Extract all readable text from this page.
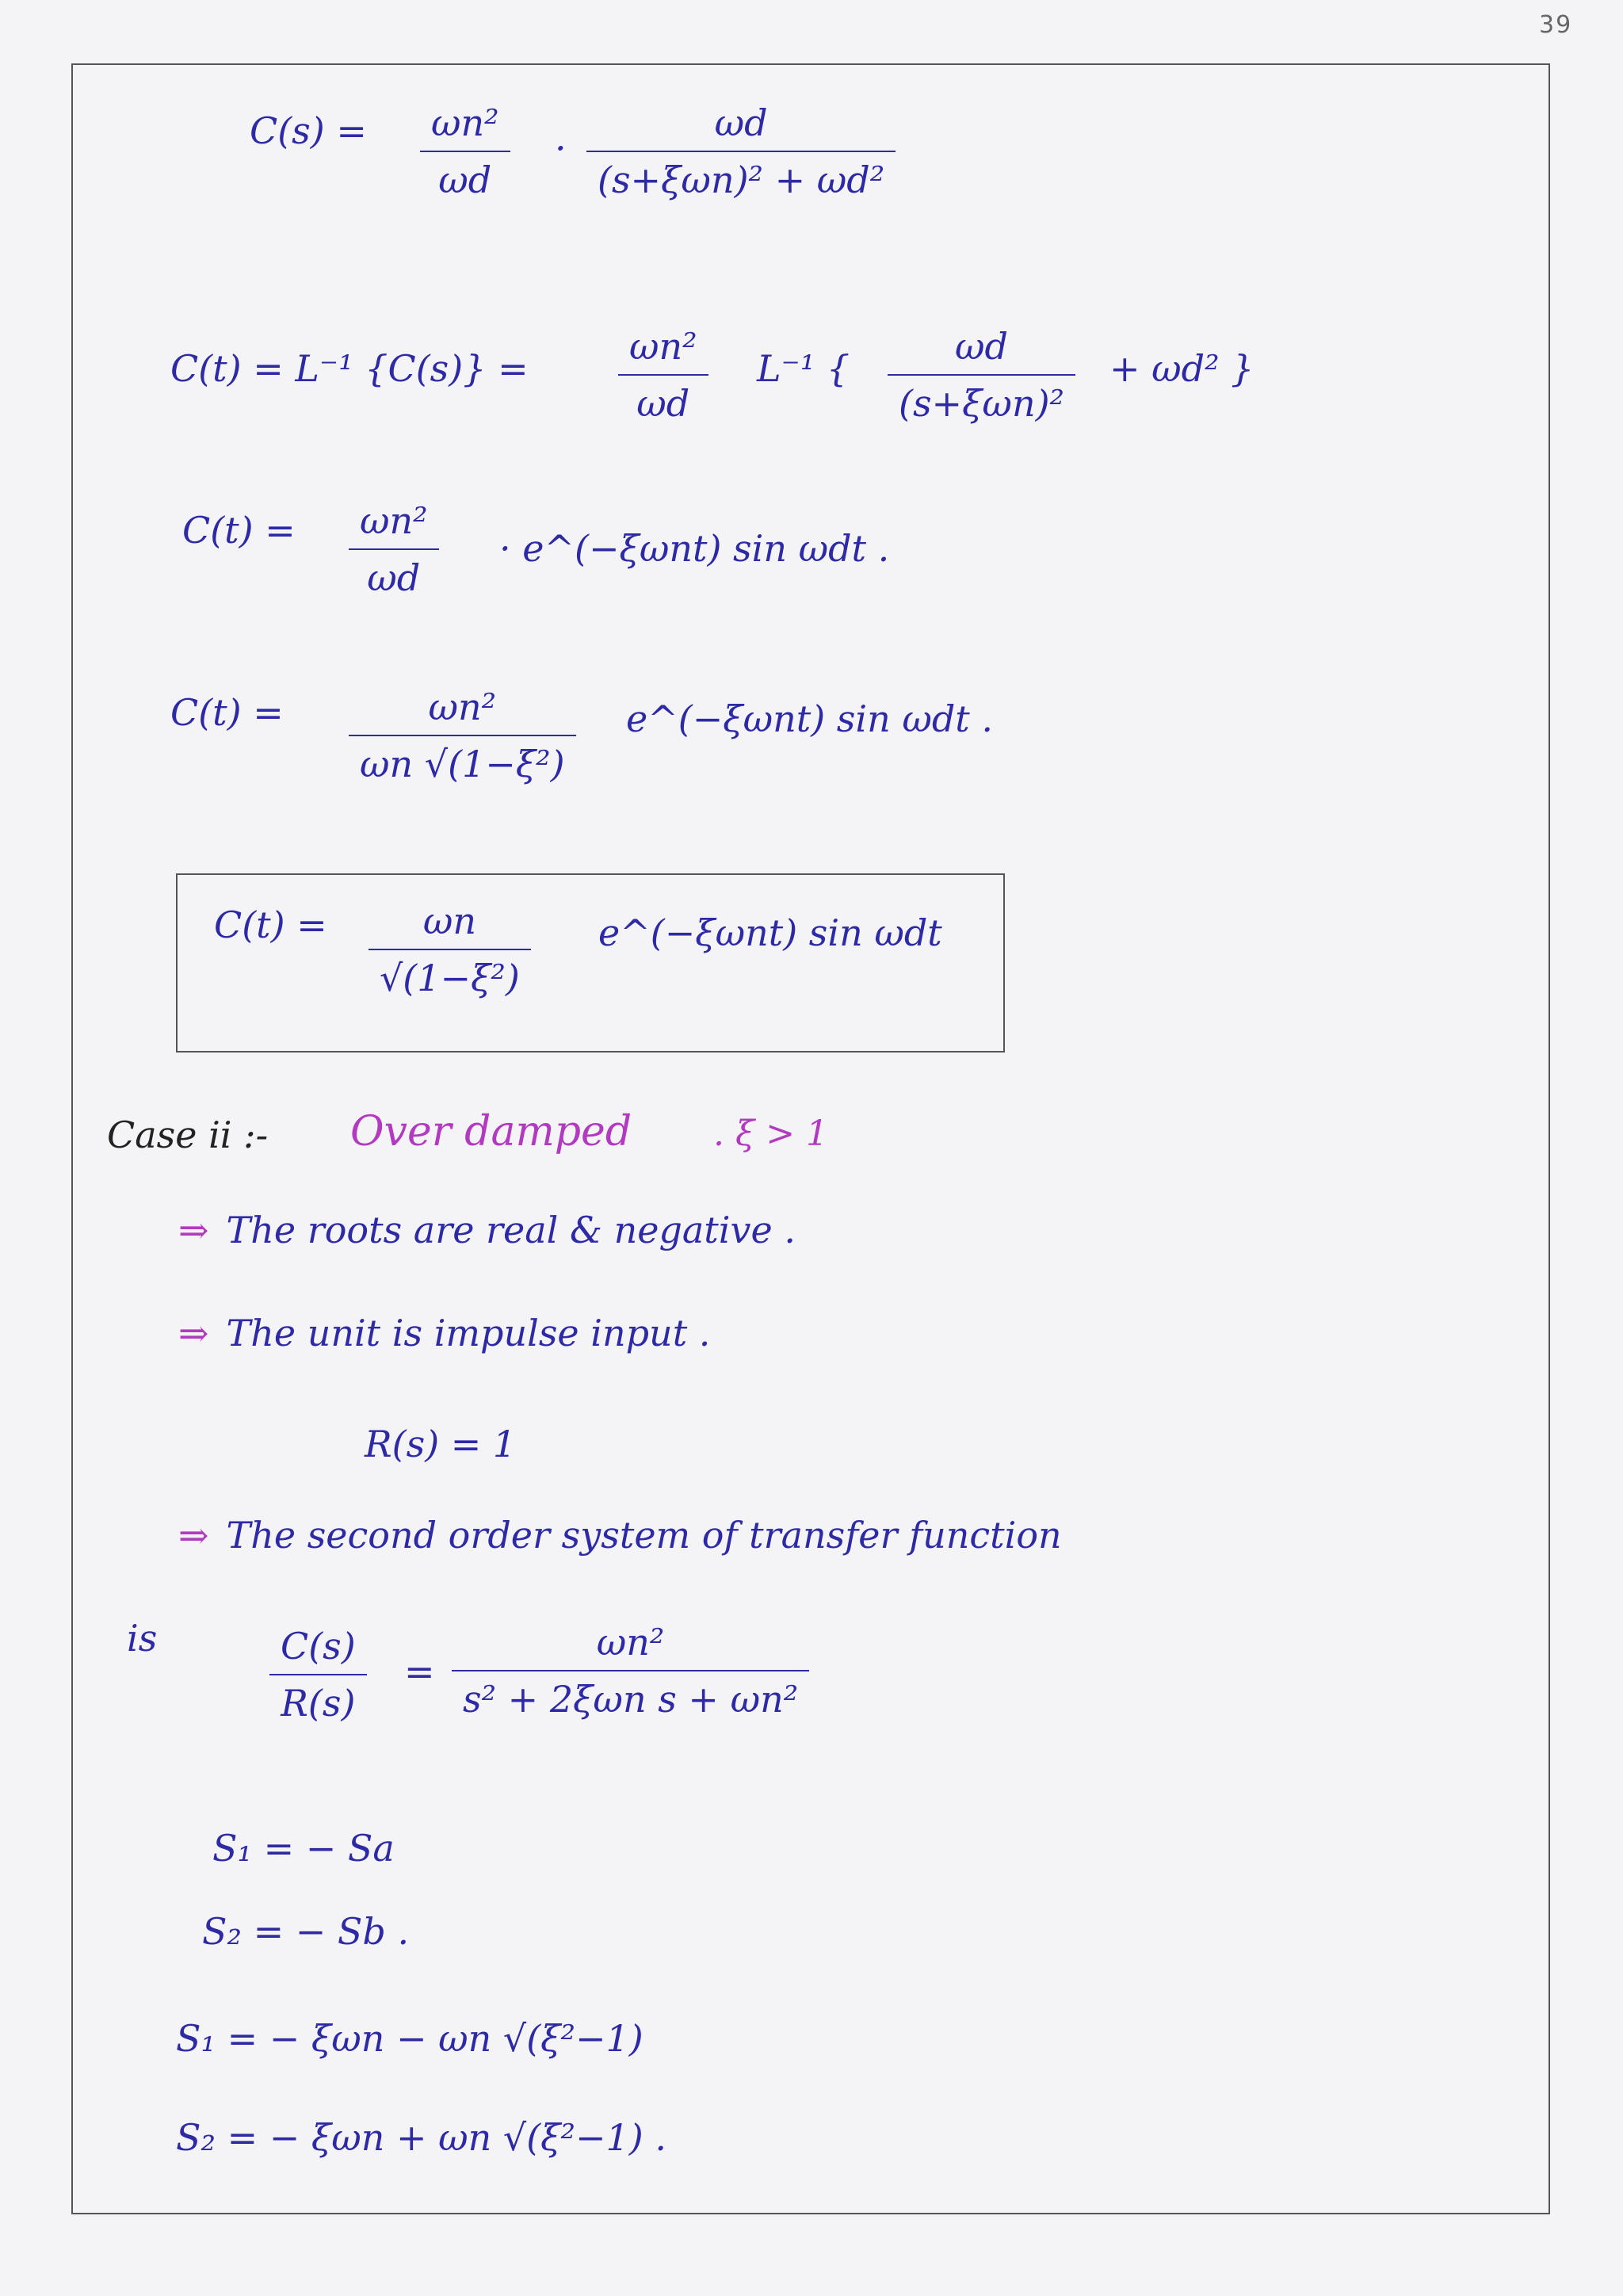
39
C(s) =	ωn²
ωd
·
ωd
(s+ξωn)² + ωd²
C(t) = L⁻¹ {C(s)} =
ωn²
ωd
L⁻¹ {
ωd
(s+ξωn)²
+ ωd² }
C(t) =	ωn²
ωd
· e^(−ξωnt) sin ωdt .
C(t) =	ωn²
ωn √(1−ξ²)
e^(−ξωnt) sin ωdt .
C(t) =	ωn
√(1−ξ²)
e^(−ξωnt) sin ωdt
Case ii :- Over damped . ξ > 1
⇒ The roots are real & negative .
⇒ The unit is impulse input .
R(s) = 1
⇒ The second order system of transfer function
is	C(s)
R(s)
=
ωn²
s² + 2ξωn s + ωn²
S₁ = − Sa
S₂ = − Sb .
S₁ = − ξωn − ωn √(ξ²−1)
S₂ = − ξωn + ωn √(ξ²−1) .
